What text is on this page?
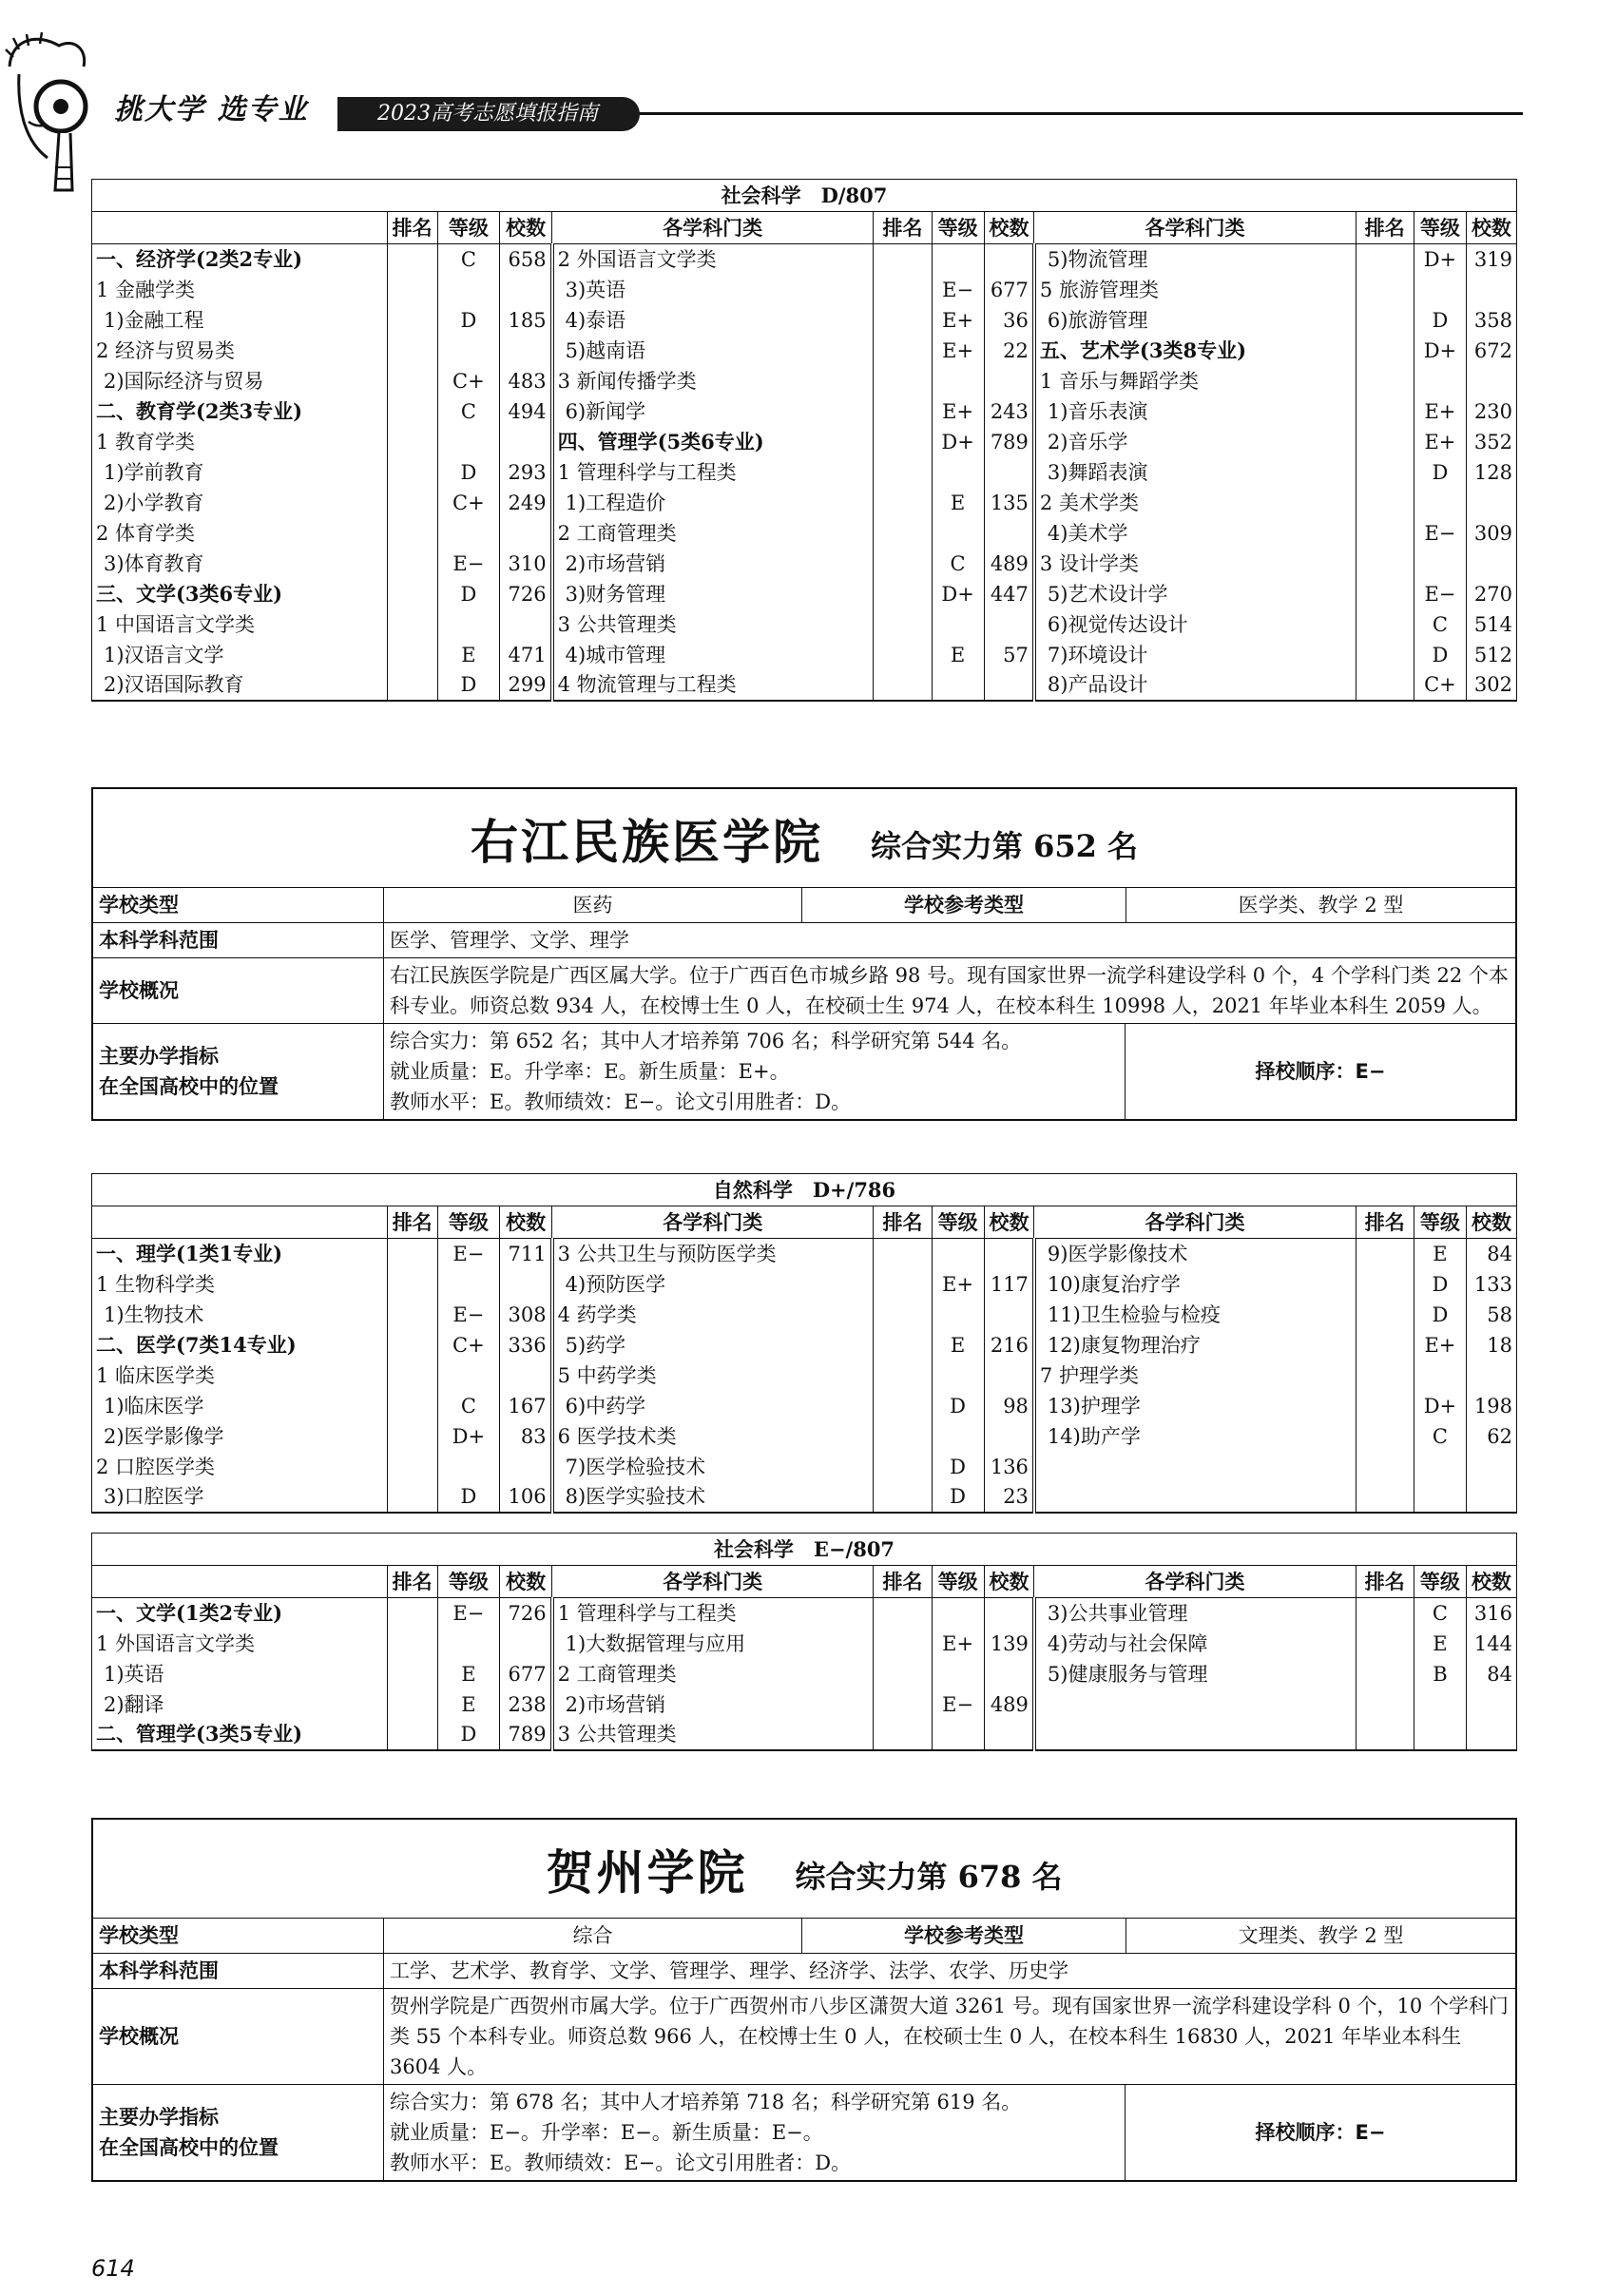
挑大学 选专业	2023高考志愿填报指南
社会科学　D/807											
	排名	等级	校数	各学科门类	排名	等级	校数	各学科门类	排名	等级	校数
一、经济学(2类2专业)		C	658	2 外国语言文学类				5)物流管理		D+	319
1 金融学类				3)英语		E−	677	5 旅游管理类			
1)金融工程		D	185	4)泰语		E+	36	6)旅游管理		D	358
2 经济与贸易类				5)越南语		E+	22	五、艺术学(3类8专业)		D+	672
2)国际经济与贸易		C+	483	3 新闻传播学类				1 音乐与舞蹈学类			
二、教育学(2类3专业)		C	494	6)新闻学		E+	243	1)音乐表演		E+	230
1 教育学类				四、管理学(5类6专业)		D+	789	2)音乐学		E+	352
1)学前教育		D	293	1 管理科学与工程类				3)舞蹈表演		D	128
2)小学教育		C+	249	1)工程造价		E	135	2 美术学类			
2 体育学类				2 工商管理类				4)美术学		E−	309
3)体育教育		E−	310	2)市场营销		C	489	3 设计学类			
三、文学(3类6专业)		D	726	3)财务管理		D+	447	5)艺术设计学		E−	270
1 中国语言文学类				3 公共管理类				6)视觉传达设计		C	514
1)汉语言文学		E	471	4)城市管理		E	57	7)环境设计		D	512
2)汉语国际教育		D	299	4 物流管理与工程类				8)产品设计		C+	302
右江民族医学院 综合实力第 652 名
学校类型	医药	学校参考类型	医学类、教学 2 型
本科学科范围	医学、管理学、文学、理学
学校概况
右江民族医学院是广西区属大学。位于广西百色市城乡路 98 号。现有国家世界一流学科建设学科 0 个，4 个学科门类 22 个本科专业。师资总数 934 人，在校博士生 0 人，在校硕士生 974 人，在校本科生 10998 人，2021 年毕业本科生 2059 人。
主要办学指标
在全国高校中的位置
综合实力：第 652 名；其中人才培养第 706 名；科学研究第 544 名。
就业质量：E。升学率：E。新生质量：E+。
教师水平：E。教师绩效：E−。论文引用胜者：D。
择校顺序：E−
自然科学　D+/786											
	排名	等级	校数	各学科门类	排名	等级	校数	各学科门类	排名	等级	校数
一、理学(1类1专业)		E−	711	3 公共卫生与预防医学类				9)医学影像技术		E	84
1 生物科学类				4)预防医学		E+	117	10)康复治疗学		D	133
1)生物技术		E−	308	4 药学类				11)卫生检验与检疫		D	58
二、医学(7类14专业)		C+	336	5)药学		E	216	12)康复物理治疗		E+	18
1 临床医学类				5 中药学类				7 护理学类			
1)临床医学		C	167	6)中药学		D	98	13)护理学		D+	198
2)医学影像学		D+	83	6 医学技术类				14)助产学		C	62
2 口腔医学类				7)医学检验技术		D	136				
3)口腔医学		D	106	8)医学实验技术		D	23				
社会科学　E−/807											
	排名	等级	校数	各学科门类	排名	等级	校数	各学科门类	排名	等级	校数
一、文学(1类2专业)		E−	726	1 管理科学与工程类				3)公共事业管理		C	316
1 外国语言文学类				1)大数据管理与应用		E+	139	4)劳动与社会保障		E	144
1)英语		E	677	2 工商管理类				5)健康服务与管理		B	84
2)翻译		E	238	2)市场营销		E−	489				
二、管理学(3类5专业)		D	789	3 公共管理类							
贺州学院 综合实力第 678 名
学校类型	综合	学校参考类型	文理类、教学 2 型
本科学科范围	工学、艺术学、教育学、文学、管理学、理学、经济学、法学、农学、历史学
学校概况
贺州学院是广西贺州市属大学。位于广西贺州市八步区潇贺大道 3261 号。现有国家世界一流学科建设学科 0 个，10 个学科门类 55 个本科专业。师资总数 966 人，在校博士生 0 人，在校硕士生 0 人，在校本科生 16830 人，2021 年毕业本科生 3604 人。
主要办学指标
在全国高校中的位置
综合实力：第 678 名；其中人才培养第 718 名；科学研究第 619 名。
就业质量：E−。升学率：E−。新生质量：E−。
教师水平：E。教师绩效：E−。论文引用胜者：D。
择校顺序：E−
614
